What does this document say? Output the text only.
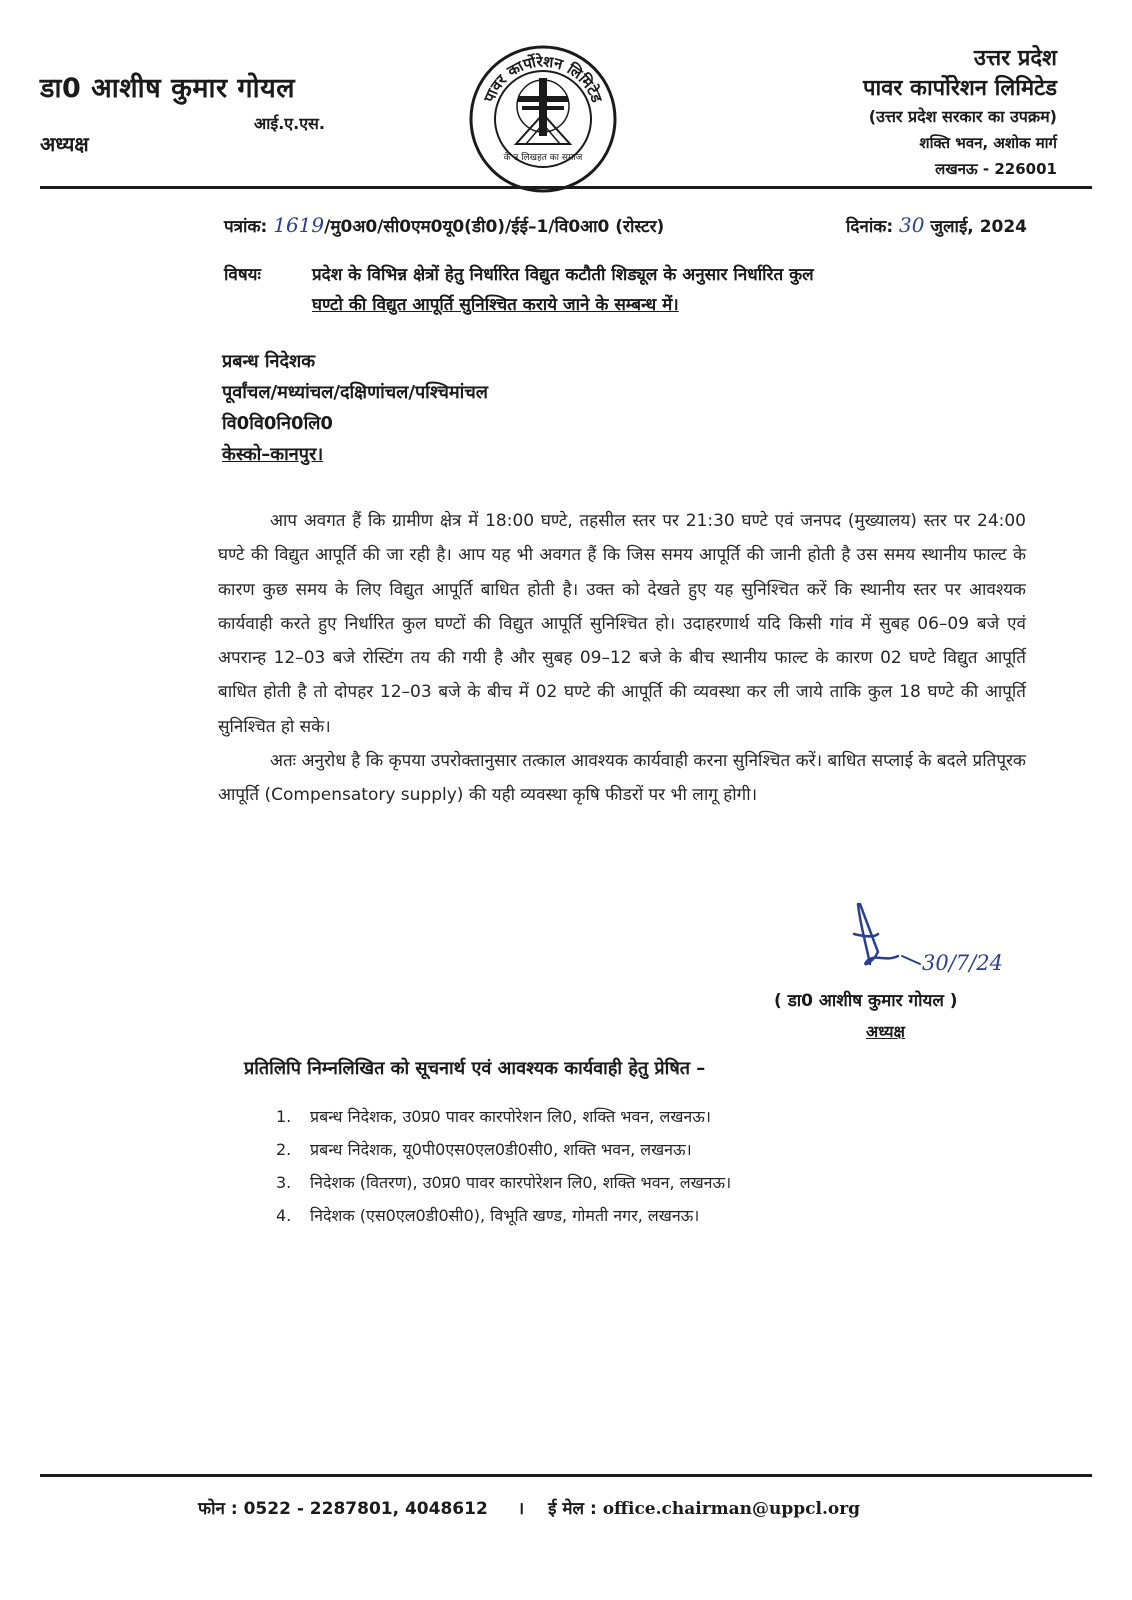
डा0 आशीष कुमार गोयल
आई.ए.एस.
अध्यक्ष
पावर कार्पोरेशन लिमिटेड
के उ लिखहत का समाज
उत्तर प्रदेश
पावर कार्पोरेशन लिमिटेड
(उत्तर प्रदेश सरकार का उपक्रम)
शक्ति भवन, अशोक मार्ग
लखनऊ - 226001
पत्रांक: 1619/मु0अ0/सी0एम0यू0(डी0)/ईई–1/वि0आ0 (रोस्टर)	दिनांक: 30 जुलाई, 2024
विषयः	प्रदेश के विभिन्न क्षेत्रों हेतु निर्धारित विद्युत कटौती शिड्यूल के अनुसार निर्धारित कुल
घण्टो की विद्युत आपूर्ति सुनिश्चित कराये जाने के सम्बन्ध में।
प्रबन्ध निदेशक
पूर्वांचल/मध्यांचल/दक्षिणांचल/पश्चिमांचल
वि0वि0नि0लि0
केस्को–कानपुर।

आप अवगत हैं कि ग्रामीण क्षेत्र में 18:00 घण्टे, तहसील स्तर पर 21:30 घण्टे एवं जनपद (मुख्यालय) स्तर पर 24:00 घण्टे की विद्युत आपूर्ति की जा रही है। आप यह भी अवगत हैं कि जिस समय आपूर्ति की जानी होती है उस समय स्थानीय फाल्ट के कारण कुछ समय के लिए विद्युत आपूर्ति बाधित होती है। उक्त को देखते हुए यह सुनिश्चित करें कि स्थानीय स्तर पर आवश्यक कार्यवाही करते हुए निर्धारित कुल घण्टों की विद्युत आपूर्ति सुनिश्चित हो। उदाहरणार्थ यदि किसी गांव में सुबह 06–09 बजे एवं अपरान्ह 12–03 बजे रोस्टिंग तय की गयी है और सुबह 09–12 बजे के बीच स्थानीय फाल्ट के कारण 02 घण्टे विद्युत आपूर्ति बाधित होती है तो दोपहर 12–03 बजे के बीच में 02 घण्टे की आपूर्ति की व्यवस्था कर ली जाये ताकि कुल 18 घण्टे की आपूर्ति सुनिश्चित हो सके।

अतः अनुरोध है कि कृपया उपरोक्तानुसार तत्काल आवश्यक कार्यवाही करना सुनिश्चित करें। बाधित सप्लाई के बदले प्रतिपूरक आपूर्ति (Compensatory supply) की यही व्यवस्था कृषि फीडरों पर भी लागू होगी।

30/7/24
( डा0 आशीष कुमार गोयल )
अध्यक्ष
प्रतिलिपि निम्नलिखित को सूचनार्थ एवं आवश्यक कार्यवाही हेतु प्रेषित –
1. प्रबन्ध निदेशक, उ0प्र0 पावर कारपोरेशन लि0, शक्ति भवन, लखनऊ।
2. प्रबन्ध निदेशक, यू0पी0एस0एल0डी0सी0, शक्ति भवन, लखनऊ।
3. निदेशक (वितरण), उ0प्र0 पावर कारपोरेशन लि0, शक्ति भवन, लखनऊ।
4. निदेशक (एस0एल0डी0सी0), विभूति खण्ड, गोमती नगर, लखनऊ।
फोन : 0522 - 2287801, 4048612 । ई मेल : office.chairman@uppcl.org
